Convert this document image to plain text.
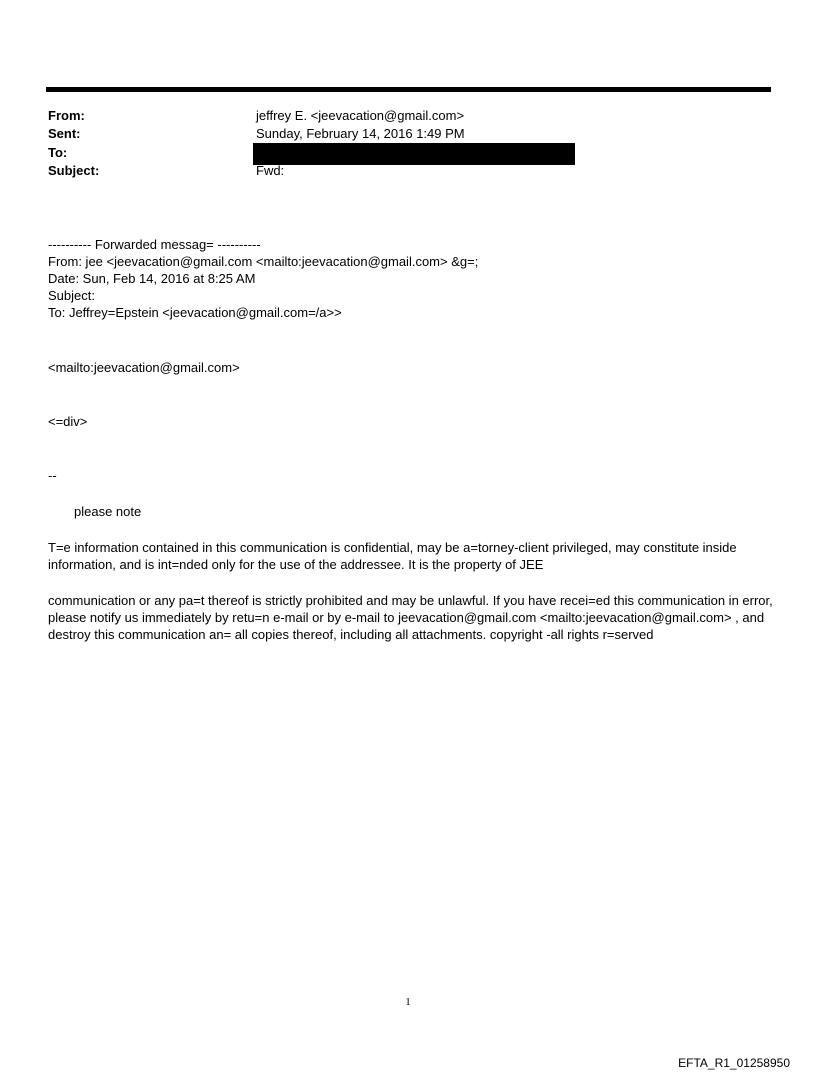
From:	jeffrey E. <jeevacation@gmail.com>
Sent:	Sunday, February 14, 2016 1:49 PM
To:
Subject:	Fwd:
---------- Forwarded messag= ----------
From: jee <jeevacation@gmail.com <mailto:jeevacation@gmail.com> &g=;
Date: Sun, Feb 14, 2016 at 8:25 AM
Subject:
To: Jeffrey=Epstein <jeevacation@gmail.com=/a>>
<mailto:jeevacation@gmail.com>
<=div>
--
please note
T=e information contained in this communication is confidential, may be a=torney-client privileged, may constitute inside information, and is int=nded only for the use of the addressee. It is the property of JEE
communication or any pa=t thereof is strictly prohibited and may be unlawful. If you have recei=ed this communication in error, please notify us immediately by retu=n e-mail or by e-mail to jeevacation@gmail.com <mailto:jeevacation@gmail.com> , and destroy this communication an= all copies thereof, including all attachments. copyright -all rights r=served
1
EFTA_R1_01258950
